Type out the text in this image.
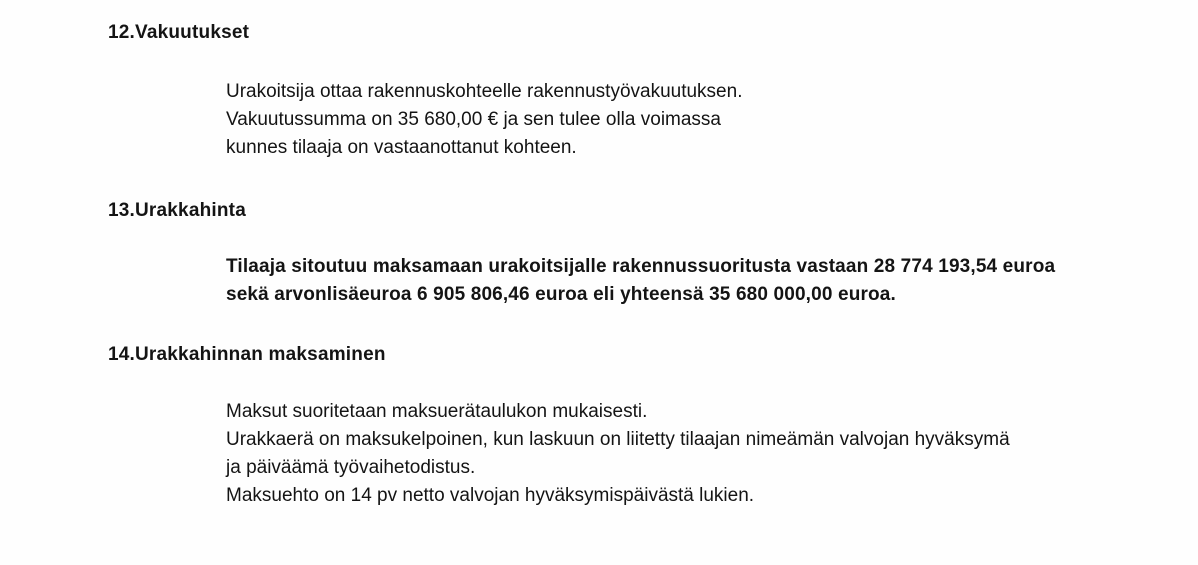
12.Vakuutukset
Urakoitsija ottaa rakennuskohteelle rakennustyövakuutuksen.
Vakuutussumma on 35 680,00 € ja sen tulee olla voimassa
kunnes tilaaja on vastaanottanut kohteen.
13.Urakkahinta
Tilaaja sitoutuu maksamaan urakoitsijalle rakennussuoritusta vastaan 28 774 193,54 euroa
sekä arvonlisäeuroa 6 905 806,46 euroa eli yhteensä 35 680 000,00 euroa.
14.Urakkahinnan maksaminen
Maksut suoritetaan maksuerätaulukon mukaisesti.
Urakkaerä on maksukelpoinen, kun laskuun on liitetty tilaajan nimeämän valvojan hyväksymä
ja päiväämä työvaihetodistus.
Maksuehto on 14 pv netto valvojan hyväksymispäivästä lukien.
